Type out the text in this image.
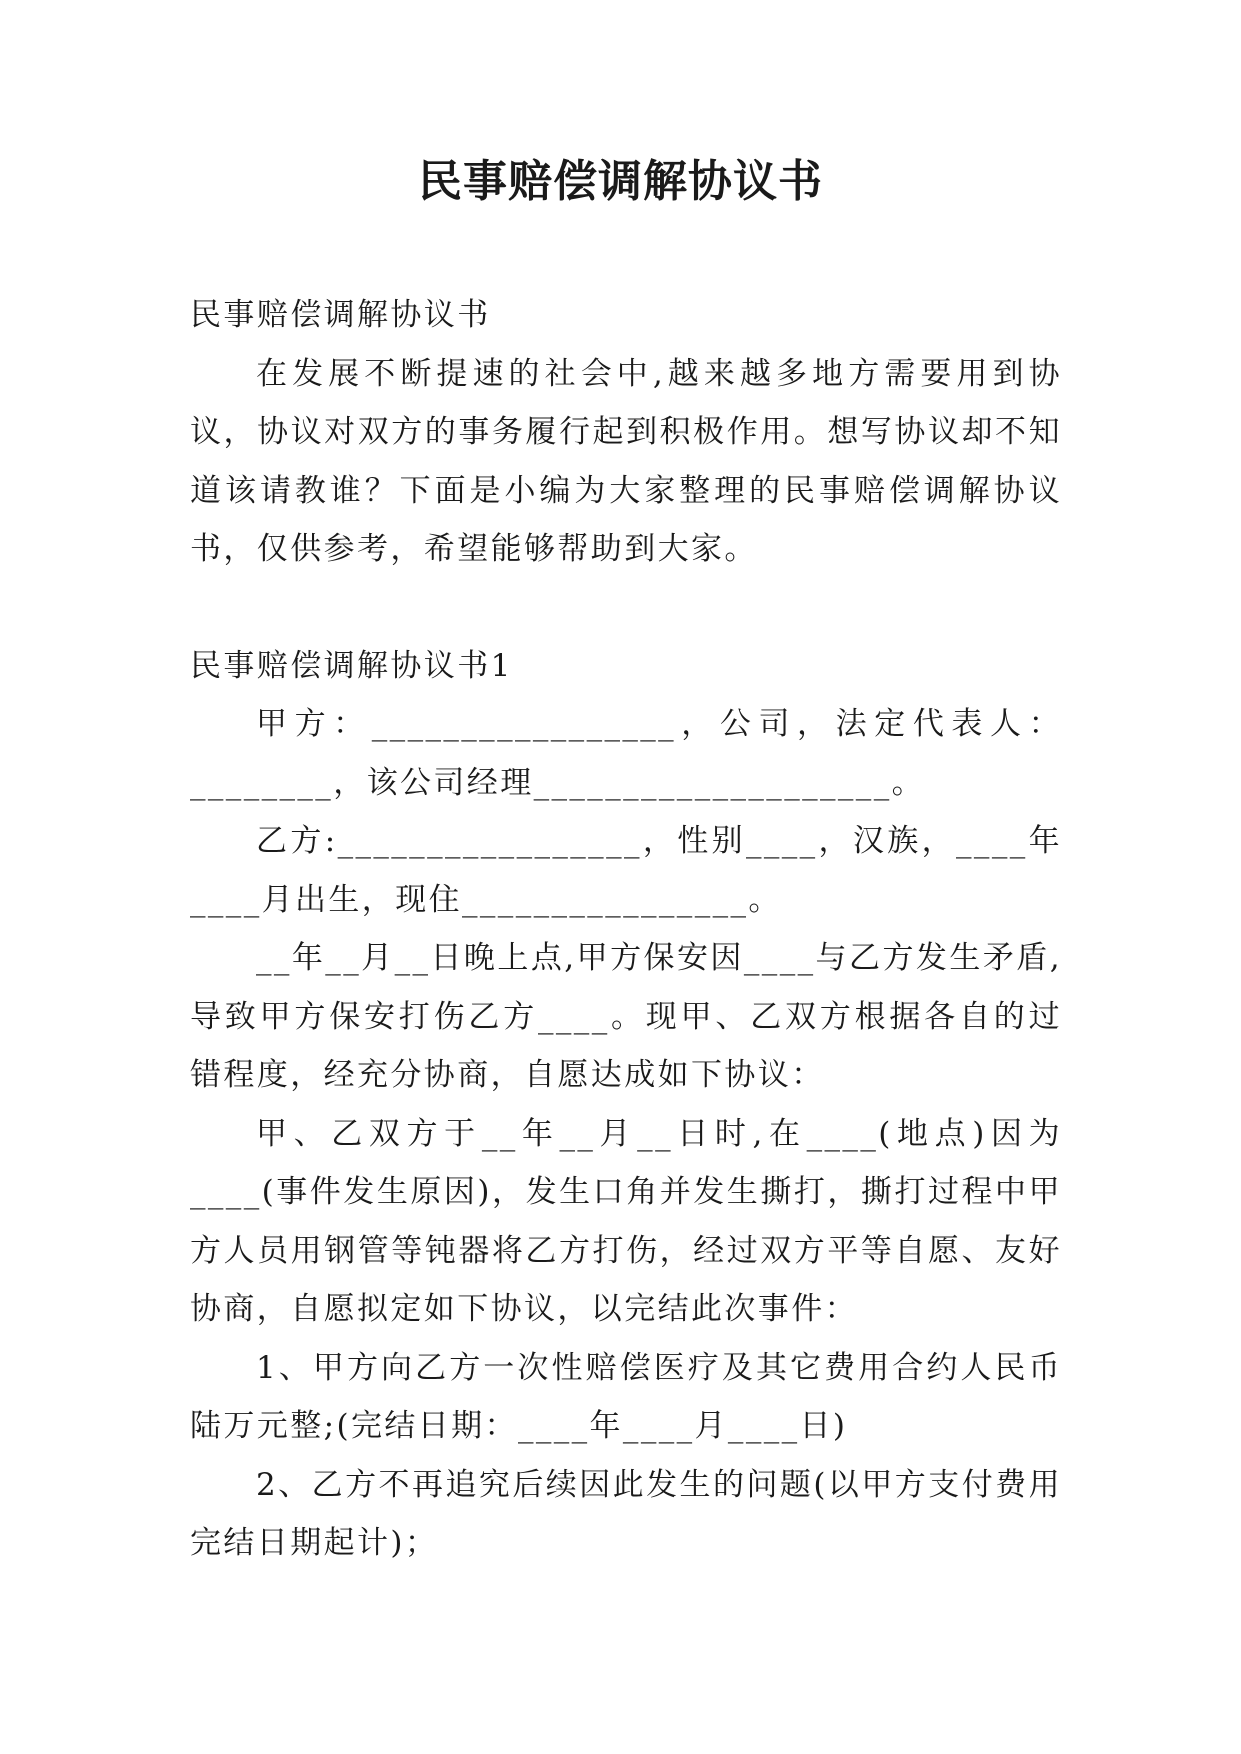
民事赔偿调解协议书

民事赔偿调解协议书

在发展不断提速的社会中,越来越多地方需要用到协议，协议对双方的事务履行起到积极作用。想写协议却不知道该请教谁？下面是小编为大家整理的民事赔偿调解协议书，仅供参考，希望能够帮助到大家。

民事赔偿调解协议书1

甲方：_________________，公司，法定代表人：________，该公司经理____________________。

乙方:_________________，性别____，汉族，____年____月出生，现住________________。

__年__月__日晚上点,甲方保安因____与乙方发生矛盾,导致甲方保安打伤乙方____。现甲、乙双方根据各自的过错程度，经充分协商，自愿达成如下协议：

甲、乙双方于__年__月__日时,在____(地点)因为____(事件发生原因)，发生口角并发生撕打，撕打过程中甲方人员用钢管等钝器将乙方打伤，经过双方平等自愿、友好协商，自愿拟定如下协议，以完结此次事件：

1、甲方向乙方一次性赔偿医疗及其它费用合约人民币陆万元整;(完结日期：____年____月____日)

2、乙方不再追究后续因此发生的问题(以甲方支付费用完结日期起计)；
